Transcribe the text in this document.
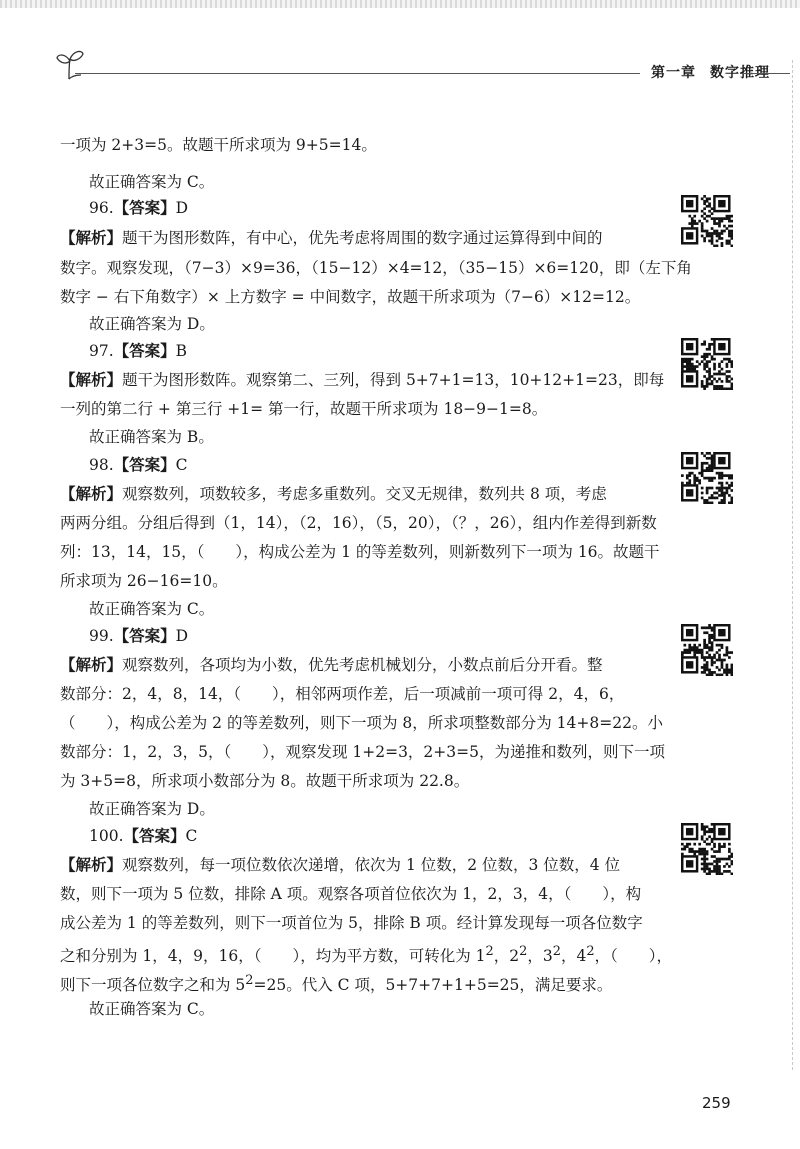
第一章 数字推理
一项为 2+3=5。故题干所求项为 9+5=14。
故正确答案为 C。
96.【答案】D
【解析】题干为图形数阵，有中心，优先考虑将周围的数字通过运算得到中间的
数字。观察发现，（7−3）×9=36，（15−12）×4=12，（35−15）×6=120，即（左下角
数字 − 右下角数字）× 上方数字 = 中间数字，故题干所求项为（7−6）×12=12。
故正确答案为 D。
97.【答案】B
【解析】题干为图形数阵。观察第二、三列，得到 5+7+1=13，10+12+1=23，即每
一列的第二行 + 第三行 +1= 第一行，故题干所求项为 18−9−1=8。
故正确答案为 B。
98.【答案】C
【解析】观察数列，项数较多，考虑多重数列。交叉无规律，数列共 8 项，考虑
两两分组。分组后得到（1，14），（2，16），（5，20），（？，26），组内作差得到新数
列：13，14，15，（　　），构成公差为 1 的等差数列，则新数列下一项为 16。故题干
所求项为 26−16=10。
故正确答案为 C。
99.【答案】D
【解析】观察数列，各项均为小数，优先考虑机械划分，小数点前后分开看。整
数部分：2，4，8，14，（　　），相邻两项作差，后一项减前一项可得 2，4，6，
（　　），构成公差为 2 的等差数列，则下一项为 8，所求项整数部分为 14+8=22。小
数部分：1，2，3，5，（　　），观察发现 1+2=3，2+3=5，为递推和数列，则下一项
为 3+5=8，所求项小数部分为 8。故题干所求项为 22.8。
故正确答案为 D。
100.【答案】C
【解析】观察数列，每一项位数依次递增，依次为 1 位数，2 位数，3 位数，4 位
数，则下一项为 5 位数，排除 A 项。观察各项首位依次为 1，2，3，4，（　　），构
成公差为 1 的等差数列，则下一项首位为 5，排除 B 项。经计算发现每一项各位数字
之和分别为 1，4，9，16，（　　），均为平方数，可转化为 $1^2$，$2^2$，$3^2$，$4^2$，（　　），
则下一项各位数字之和为 $5^2=25$。代入 C 项，5+7+7+1+5=25，满足要求。
故正确答案为 C。
259
